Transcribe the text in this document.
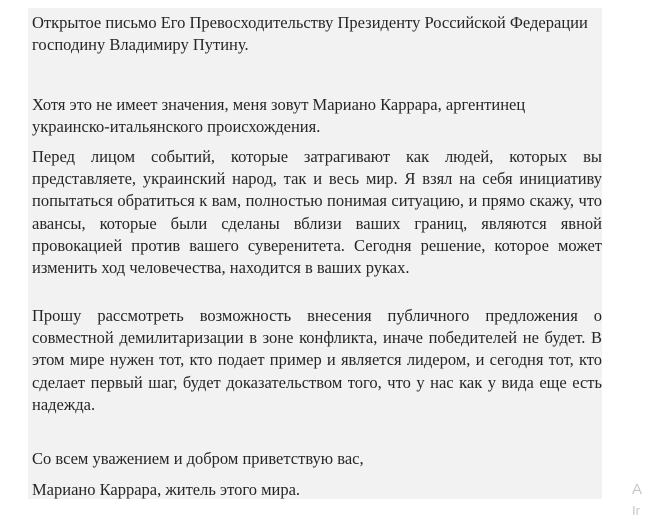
Открытое письмо Его Превосходительству Президенту Российской Федерации господину Владимиру Путину.

Хотя это не имеет значения, меня зовут Мариано Каррара, аргентинец украинско-итальянского происхождения.

Перед лицом событий, которые затрагивают как людей, которых вы представляете, украинский народ, так и весь мир. Я взял на себя инициативу попытаться обратиться к вам, полностью понимая ситуацию, и прямо скажу, что авансы, которые были сделаны вблизи ваших границ, являются явной провокацией против вашего суверенитета. Сегодня решение, которое может изменить ход человечества, находится в ваших руках.

Прошу рассмотреть возможность внесения публичного предложения о совместной демилитаризации в зоне конфликта, иначе победителей не будет. В этом мире нужен тот, кто подает пример и является лидером, и сегодня тот, кто сделает первый шаг, будет доказательством того, что у нас как у вида еще есть надежда.

Со всем уважением и добром приветствую вас,

Мариано Каррара, житель этого мира.	A
Ir
